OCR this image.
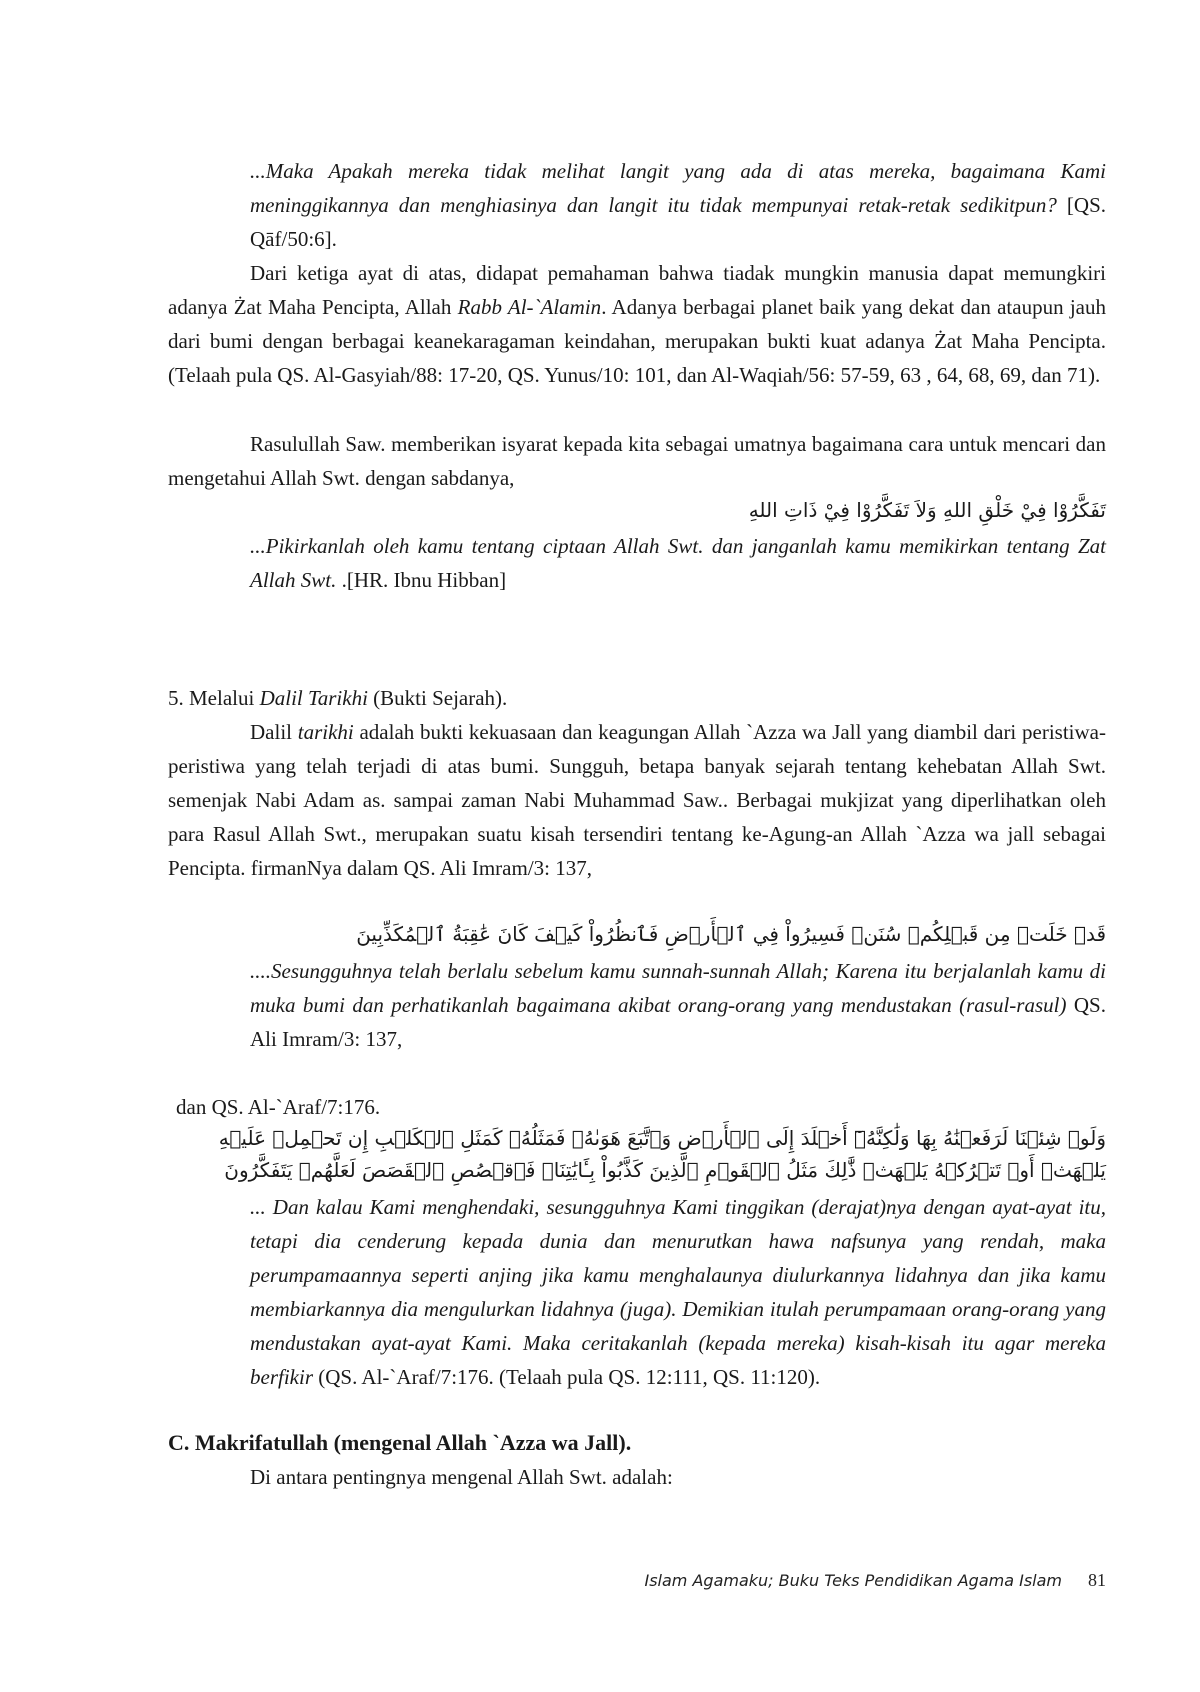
...Maka Apakah mereka tidak melihat langit yang ada di atas mereka, bagaimana Kami meninggikannya dan menghiasinya dan langit itu tidak mempunyai retak-retak sedikitpun? [QS. Qāf/50:6].
Dari ketiga ayat di atas, didapat pemahaman bahwa tiadak mungkin manusia dapat memungkiri adanya Żat Maha Pencipta, Allah Rabb Al-`Alamin. Adanya berbagai planet baik yang dekat dan ataupun jauh dari bumi dengan berbagai keanekaragaman keindahan, merupakan bukti kuat adanya Żat Maha Pencipta. (Telaah pula QS. Al-Gasyiah/88: 17-20, QS. Yunus/10: 101, dan Al-Waqiah/56: 57-59, 63 , 64, 68, 69, dan 71).
Rasulullah Saw. memberikan isyarat kepada kita sebagai umatnya bagaimana cara untuk mencari dan mengetahui Allah Swt. dengan sabdanya,
تَفَكَّرُوْا فِيْ خَلْقِ اللهِ وَلاَ تَفَكَّرُوْا فِيْ ذَاتِ اللهِ
...Pikirkanlah oleh kamu tentang ciptaan Allah Swt. dan janganlah kamu memikirkan tentang Zat Allah Swt. .[HR. Ibnu Hibban]
5. Melalui Dalil Tarikhi (Bukti Sejarah).
Dalil tarikhi adalah bukti kekuasaan dan keagungan Allah `Azza wa Jall yang diambil dari peristiwa-peristiwa yang telah terjadi di atas bumi. Sungguh, betapa banyak sejarah tentang kehebatan Allah Swt. semenjak Nabi Adam as. sampai zaman Nabi Muhammad Saw.. Berbagai mukjizat yang diperlihatkan oleh para Rasul Allah Swt., merupakan suatu kisah tersendiri tentang ke-Agung-an Allah `Azza wa jall sebagai Pencipta. firmanNya dalam QS. Ali Imram/3: 137,
قَدۡ خَلَتۡ مِن قَبۡلِكُمۡ سُنَنٞ فَسِيرُواْ فِي ٱلۡأَرۡضِ فَٱنظُرُواْ كَيۡفَ كَانَ عَٰقِبَةُ ٱلۡمُكَذِّبِينَ
....Sesungguhnya telah berlalu sebelum kamu sunnah-sunnah Allah; Karena itu berjalanlah kamu di muka bumi dan perhatikanlah bagaimana akibat orang-orang yang mendustakan (rasul-rasul) QS. Ali Imram/3: 137,
dan QS. Al-`Araf/7:176.
وَلَوۡ شِئۡنَا لَرَفَعۡنَٰهُ بِهَا وَلَٰكِنَّهُۥٓ أَخۡلَدَ إِلَى ٱلۡأَرۡضِ وَٱتَّبَعَ هَوَىٰهُۚ فَمَثَلُهُۥ كَمَثَلِ ٱلۡكَلۡبِ إِن تَحۡمِلۡ عَلَيۡهِ يَلۡهَثۡ أَوۡ تَتۡرُكۡهُ يَلۡهَثۚ ذَّٰلِكَ مَثَلُ ٱلۡقَوۡمِ ٱلَّذِينَ كَذَّبُواْ بِـَٔايَٰتِنَاۚ فَٱقۡصُصِ ٱلۡقَصَصَ لَعَلَّهُمۡ يَتَفَكَّرُونَ
... Dan kalau Kami menghendaki, sesungguhnya Kami tinggikan (derajat)nya dengan ayat-ayat itu, tetapi dia cenderung kepada dunia dan menurutkan hawa nafsunya yang rendah, maka perumpamaannya seperti anjing jika kamu menghalaunya diulurkannya lidahnya dan jika kamu membiarkannya dia mengulurkan lidahnya (juga). Demikian itulah perumpamaan orang-orang yang mendustakan ayat-ayat Kami. Maka ceritakanlah (kepada mereka) kisah-kisah itu agar mereka berfikir (QS. Al-`Araf/7:176. (Telaah pula QS. 12:111, QS. 11:120).
C. Makrifatullah (mengenal Allah `Azza wa Jall).
Di antara pentingnya mengenal Allah Swt. adalah:
Islam Agamaku; Buku Teks Pendidikan Agama Islam 81
